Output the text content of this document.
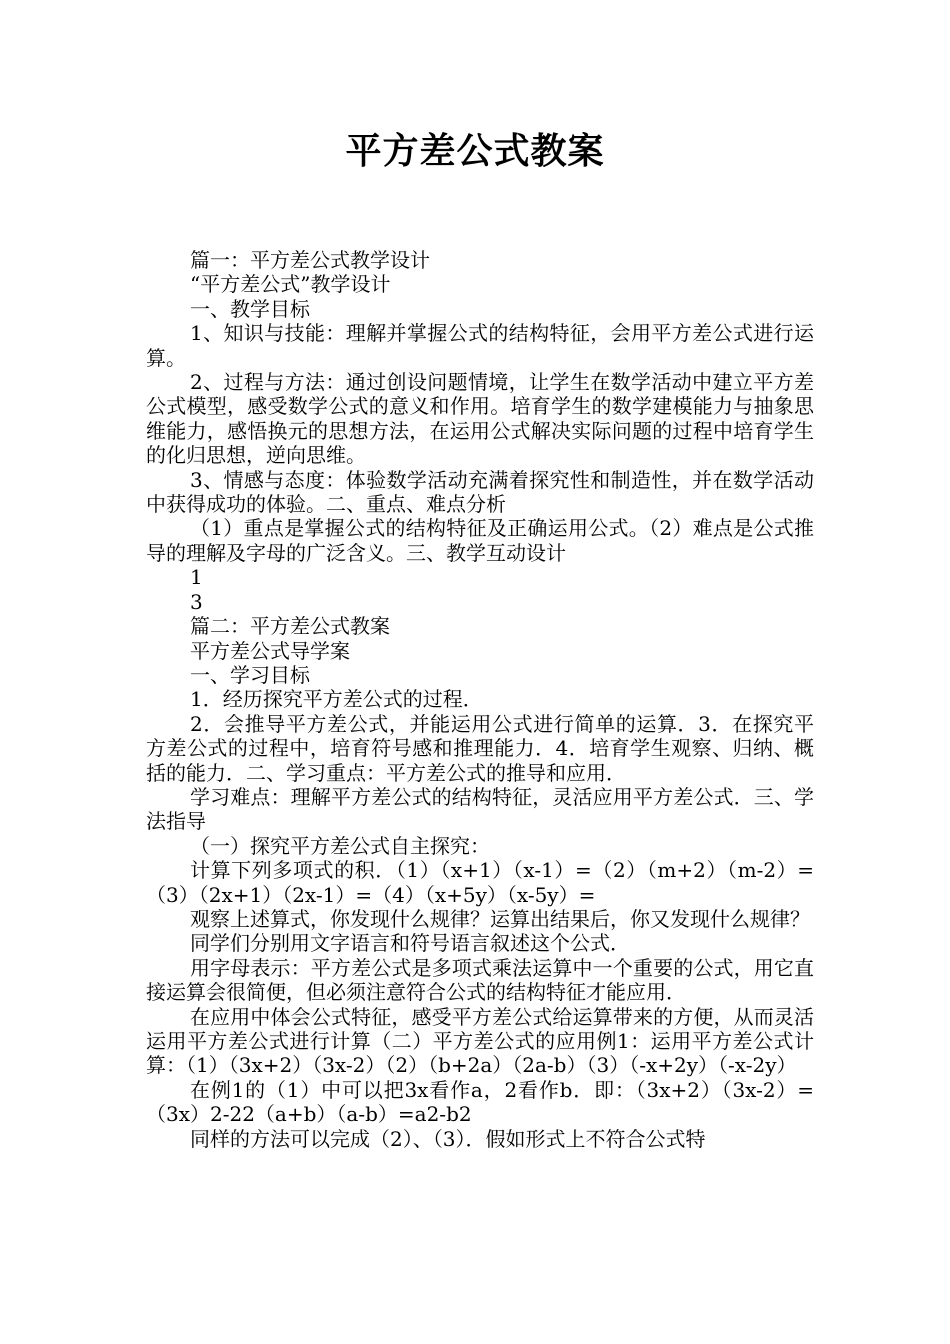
平方差公式教案

篇一：平方差公式教学设计

“平方差公式”教学设计

一、教学目标

1、知识与技能：理解并掌握公式的结构特征，会用平方差公式进行运算。

2、过程与方法：通过创设问题情境，让学生在数学活动中建立平方差公式模型，感受数学公式的意义和作用。培育学生的数学建模能力与抽象思维能力，感悟换元的思想方法，在运用公式解决实际问题的过程中培育学生的化归思想，逆向思维。

3、情感与态度：体验数学活动充满着探究性和制造性，并在数学活动中获得成功的体验。二、重点、难点分析

（1）重点是掌握公式的结构特征及正确运用公式。（2）难点是公式推导的理解及字母的广泛含义。三、教学互动设计

1

3

篇二：平方差公式教案

平方差公式导学案

一、学习目标

1．经历探究平方差公式的过程．

2．会推导平方差公式，并能运用公式进行简单的运算．3．在探究平方差公式的过程中，培育符号感和推理能力．4．培育学生观察、归纳、概括的能力．二、学习重点：平方差公式的推导和应用．

学习难点：理解平方差公式的结构特征，灵活应用平方差公式．三、学法指导

（一）探究平方差公式自主探究：

计算下列多项式的积．（1）（x+1）（x-1）=（2）（m+2）（m-2）=（3）（2x+1）（2x-1）=（4）（x+5y）（x-5y）=

观察上述算式，你发现什么规律？运算出结果后，你又发现什么规律？

同学们分别用文字语言和符号语言叙述这个公式．

用字母表示：平方差公式是多项式乘法运算中一个重要的公式，用它直接运算会很简便，但必须注意符合公式的结构特征才能应用．

在应用中体会公式特征，感受平方差公式给运算带来的方便，从而灵活运用平方差公式进行计算（二）平方差公式的应用例1：运用平方差公式计算：（1）（3x+2）（3x-2）（2）（b+2a）（2a-b）（3）（-x+2y）（-x-2y）

在例1的（1）中可以把3x看作a，2看作b．即：（3x+2）（3x-2）=（3x）2-22（a+b）（a-b）=a2-b2

同样的方法可以完成（2）、（3）．假如形式上不符合公式特
